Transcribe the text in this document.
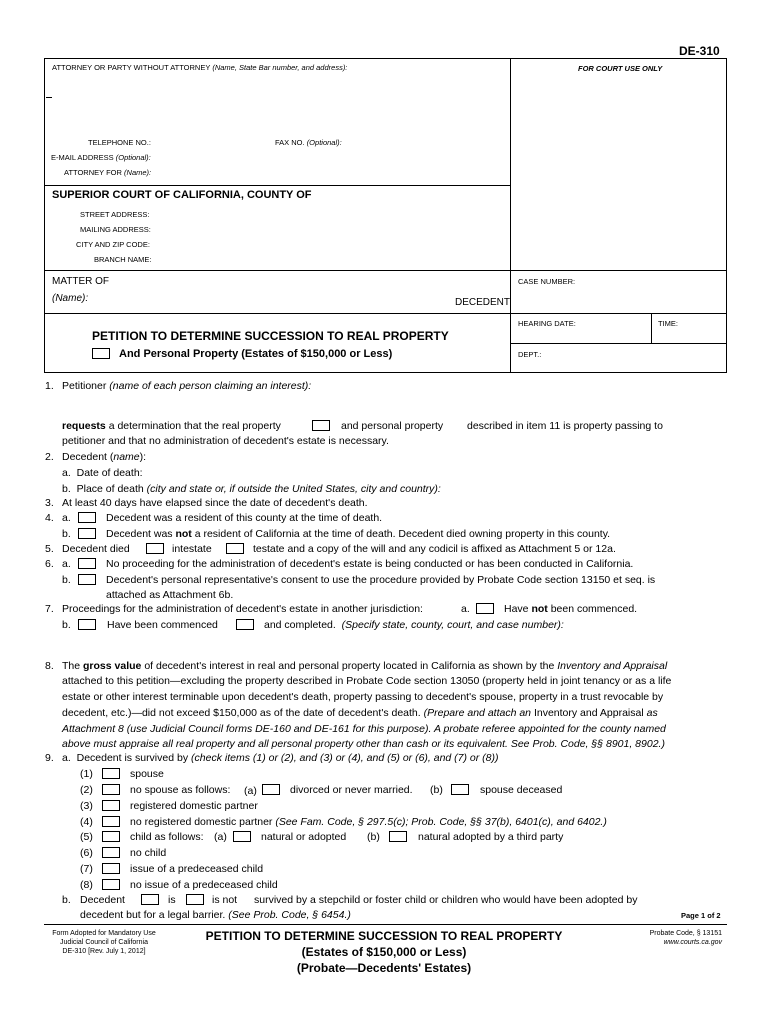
DE-310
ATTORNEY OR PARTY WITHOUT ATTORNEY (Name, State Bar number, and address):	FOR COURT USE ONLY
TELEPHONE NO.:	FAX NO. (Optional):
E-MAIL ADDRESS (Optional):
ATTORNEY FOR (Name):
SUPERIOR COURT OF CALIFORNIA, COUNTY OF
STREET ADDRESS:
MAILING ADDRESS:
CITY AND ZIP CODE:
BRANCH NAME:
MATTER OF
(Name):	DECEDENT
CASE NUMBER:
HEARING DATE:	TIME:
DEPT.:
PETITION TO DETERMINE SUCCESSION TO REAL PROPERTY
And Personal Property (Estates of $150,000 or Less)
1. Petitioner (name of each person claiming an interest):
requests a determination that the real property	and personal property described in item 11 is property passing to
petitioner and that no administration of decedent's estate is necessary.
2. Decedent (name):
a. Date of death:
b. Place of death (city and state or, if outside the United States, city and country):
3. At least 40 days have elapsed since the date of decedent's death.
4. a.	Decedent was a resident of this county at the time of death.
b.	Decedent was not a resident of California at the time of death. Decedent died owning property in this county.
5. Decedent died	intestate	testate and a copy of the will and any codicil is affixed as Attachment 5 or 12a.
6. a.	No proceeding for the administration of decedent's estate is being conducted or has been conducted in California.
b.	Decedent's personal representative's consent to use the procedure provided by Probate Code section 13150 et seq. is
attached as Attachment 6b.
7. Proceedings for the administration of decedent's estate in another jurisdiction:	a.	Have not been commenced.
b.	Have been commenced	and completed. (Specify state, county, court, and case number):
8. The gross value of decedent's interest in real and personal property located in California as shown by the Inventory and Appraisal
attached to this petition—excluding the property described in Probate Code section 13050 (property held in joint tenancy or as a life
estate or other interest terminable upon decedent's death, property passing to decedent's spouse, property in a trust revocable by
decedent, etc.)—did not exceed $150,000 as of the date of decedent's death. (Prepare and attach an Inventory and Appraisal as
Attachment 8 (use Judicial Council forms DE-160 and DE-161 for this purpose). A probate referee appointed for the county named
above must appraise all real property and all personal property other than cash or its equivalent. See Prob. Code, §§ 8901, 8902.)
9. a. Decedent is survived by (check items (1) or (2), and (3) or (4), and (5) or (6), and (7) or (8))
(1)	spouse
(2)	no spouse as follows: (a)	divorced or never married. (b)	spouse deceased
(3)	registered domestic partner
(4)	no registered domestic partner (See Fam. Code, § 297.5(c); Prob. Code, §§ 37(b), 6401(c), and 6402.)
(5)	child as follows: (a)	natural or adopted (b)	natural adopted by a third party
(6)	no child
(7)	issue of a predeceased child
(8)	no issue of a predeceased child
b. Decedent	is	is not survived by a stepchild or foster child or children who would have been adopted by
decedent but for a legal barrier. (See Prob. Code, § 6454.)	Page 1 of 2
Form Adopted for Mandatory Use
Judicial Council of California
DE-310 [Rev. July 1, 2012]
PETITION TO DETERMINE SUCCESSION TO REAL PROPERTY
(Estates of $150,000 or Less)
(Probate—Decedents' Estates)
Probate Code, § 13151
www.courts.ca.gov
